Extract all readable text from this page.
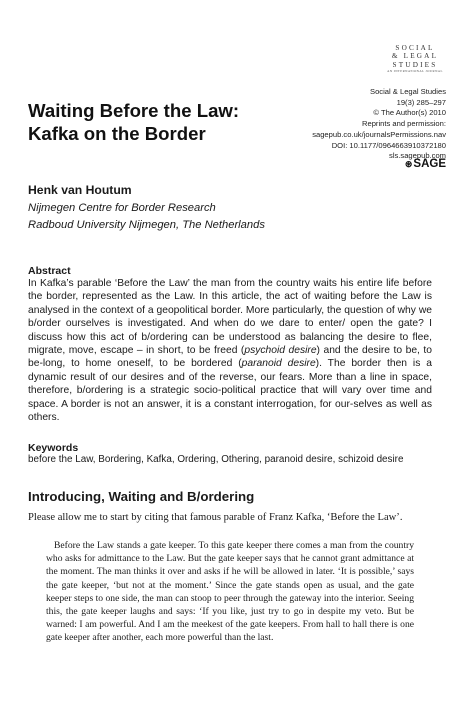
SOCIAL
& LEGAL
STUDIES
AN INTERNATIONAL JOURNAL
Social & Legal Studies
19(3) 285–297
© The Author(s) 2010
Reprints and permission:
sagepub.co.uk/journalsPermissions.nav
DOI: 10.1177/0964663910372180
sls.sagepub.com
⊛ SAGE
Waiting Before the Law:
Kafka on the Border
Henk van Houtum
Nijmegen Centre for Border Research
Radboud University Nijmegen, The Netherlands
Abstract

In Kafka’s parable ‘Before the Law’ the man from the country waits his entire life before the border, represented as the Law. In this article, the act of waiting before the Law is analysed in the context of a geopolitical border. More particularly, the question of why we b/order ourselves is investigated. And when do we dare to enter/ open the gate? I discuss how this act of b/ordering can be understood as balancing the desire to flee, migrate, move, escape – in short, to be freed (psychoid desire) and the desire to be, to be-long, to home oneself, to be bordered (paranoid desire). The border then is a dynamic result of our desires and of the reverse, our fears. More than a line in space, therefore, b/ordering is a strategic socio-political practice that will vary over time and space. A border is not an answer, it is a constant interrogation, for our-selves as well as others.

Keywords
before the Law, Bordering, Kafka, Ordering, Othering, paranoid desire, schizoid desire
Introducing, Waiting and B/ordering
Please allow me to start by citing that famous parable of Franz Kafka, ‘Before the Law’.

Before the Law stands a gate keeper. To this gate keeper there comes a man from the country who asks for admittance to the Law. But the gate keeper says that he cannot grant admittance at the moment. The man thinks it over and asks if he will be allowed in later. ‘It is possible,’ says the gate keeper, ‘but not at the moment.’ Since the gate stands open as usual, and the gate keeper steps to one side, the man can stoop to peer through the gateway into the interior. Seeing this, the gate keeper laughs and says: ‘If you like, just try to go in despite my veto. But be warned: I am powerful. And I am the meekest of the gate keepers. From hall to hall there is one gate keeper after another, each more powerful than the last.
